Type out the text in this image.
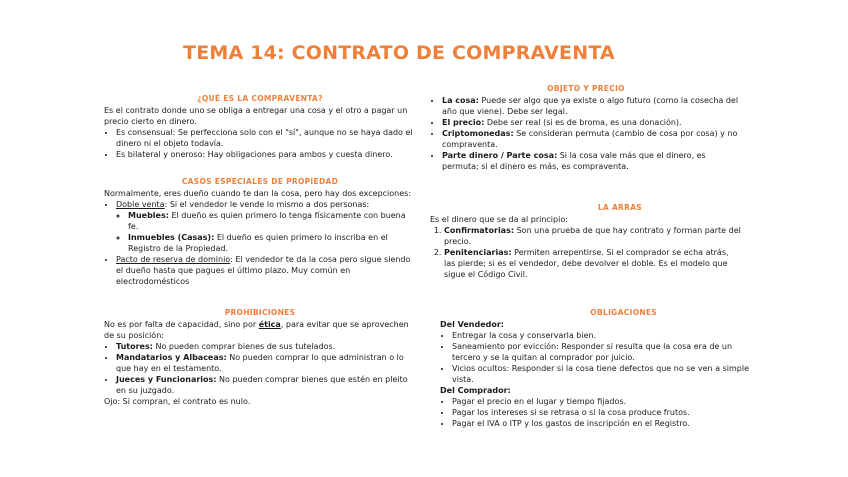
TEMA 14: CONTRATO DE COMPRAVENTA
¿QUÉ ES LA COMPRAVENTA?

Es el contrato donde uno se obliga a entregar una cosa y el otro a pagar un precio cierto en dinero.

• Es consensual: Se perfecciona solo con el "sí", aunque no se haya dado el dinero ni el objeto todavía.
• Es bilateral y oneroso: Hay obligaciones para ambos y cuesta dinero.
CASOS ESPECIALES DE PROPIEDAD

Normalmente, eres dueño cuando te dan la cosa, pero hay dos excepciones:

• Doble venta: Si el vendedor le vende lo mismo a dos personas:
◦ Muebles: El dueño es quien primero lo tenga físicamente con buena fe.
◦ Inmuebles (Casas): El dueño es quien primero lo inscriba en el Registro de la Propiedad.
• Pacto de reserva de dominio: El vendedor te da la cosa pero sigue siendo el dueño hasta que pagues el último plazo. Muy común en electrodomésticos
PROHIBICIONES

No es por falta de capacidad, sino por ética, para evitar que se aprovechen de su posición:

• Tutores: No pueden comprar bienes de sus tutelados.
• Mandatarios y Albaceas: No pueden comprar lo que administran o lo que hay en el testamento.
• Jueces y Funcionarios: No pueden comprar bienes que estén en pleito en su juzgado.

Ojo: Si compran, el contrato es nulo.

OBJETO Y PRECIO
• La cosa: Puede ser algo que ya existe o algo futuro (como la cosecha del año que viene). Debe ser legal.
• El precio: Debe ser real (si es de broma, es una donación).
• Criptomonedas: Se consideran permuta (cambio de cosa por cosa) y no compraventa.
• Parte dinero / Parte cosa: Si la cosa vale más que el dinero, es permuta; si el dinero es más, es compraventa.
LA ARRAS

Es el dinero que se da al principio:

1. Confirmatorias: Son una prueba de que hay contrato y forman parte del precio.
2. Penitenciarias: Permiten arrepentirse. Si el comprador se echa atrás, las pierde; si es el vendedor, debe devolver el doble. Es el modelo que sigue el Código Civil.
OBLIGACIONES

Del Vendedor:

• Entregar la cosa y conservarla bien.
• Saneamiento por evicción: Responder si resulta que la cosa era de un tercero y se la quitan al comprador por juicio.
• Vicios ocultos: Responder si la cosa tiene defectos que no se ven a simple vista.

Del Comprador:

• Pagar el precio en el lugar y tiempo fijados.
• Pagar los intereses si se retrasa o si la cosa produce frutos.
• Pagar el IVA o ITP y los gastos de inscripción en el Registro.
